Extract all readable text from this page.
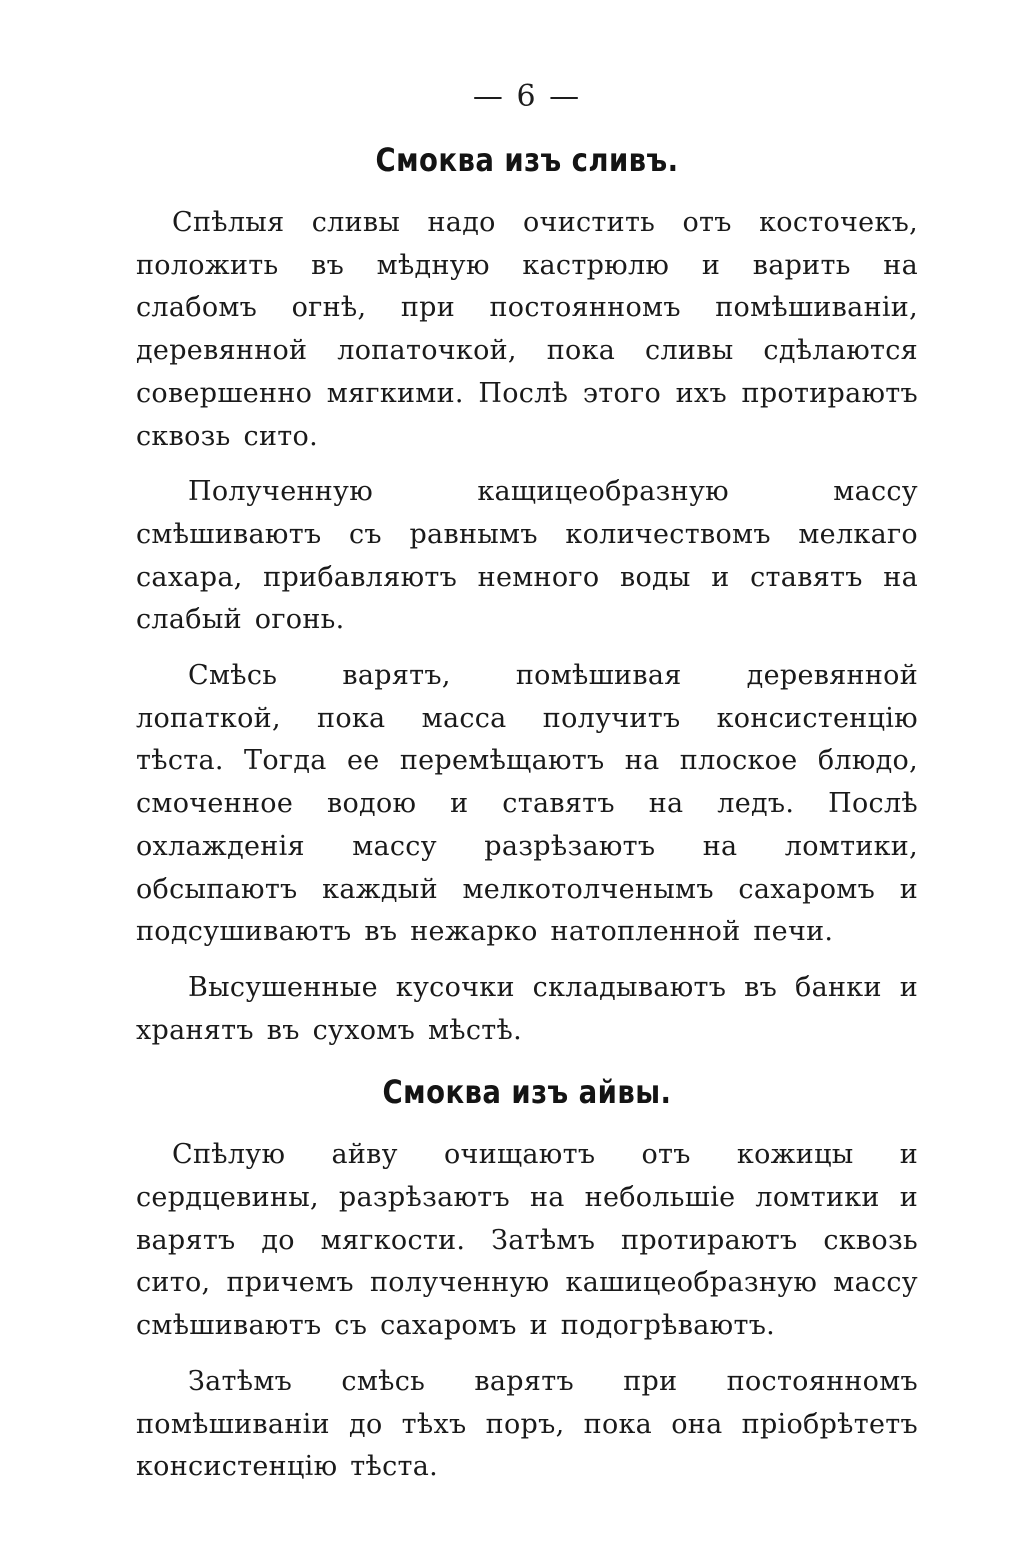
— 6 —
Смоква изъ сливъ.

Спѣлыя сливы надо очистить отъ косточекъ, положить въ мѣдную кастрюлю и варить на слабомъ огнѣ, при постоянномъ помѣшиванiи, деревянной лопаточкой, пока сливы сдѣлаются совершенно мягкими. Послѣ этого ихъ протираютъ сквозь сито.

Полученную кащицеобразную массу смѣшиваютъ съ равнымъ количествомъ мелкаго сахара, прибавляютъ немного воды и ставятъ на слабый огонь.

Смѣсь варятъ, помѣшивая деревянной лопаткой, пока масса получитъ консистенцiю тѣста. Тогда ее перемѣщаютъ на плоское блюдо, смоченное водою и ставятъ на ледъ. Послѣ охлажденiя массу разрѣзаютъ на ломтики, обсыпаютъ каждый мелкотолченымъ сахаромъ и подсушиваютъ въ нежарко натопленной печи.

Высушенные кусочки складываютъ въ банки и хранятъ въ сухомъ мѣстѣ.

Смоква изъ айвы.

Спѣлую айву очищаютъ отъ кожицы и сердцевины, разрѣзаютъ на небольшiе ломтики и варятъ до мягкости. Затѣмъ протираютъ сквозь сито, причемъ полученную кашицеобразную массу смѣшиваютъ съ сахаромъ и подогрѣваютъ.

Затѣмъ смѣсь варятъ при постоянномъ помѣшиванiи до тѣхъ поръ, пока она прiобрѣтетъ консистенцiю тѣста.
